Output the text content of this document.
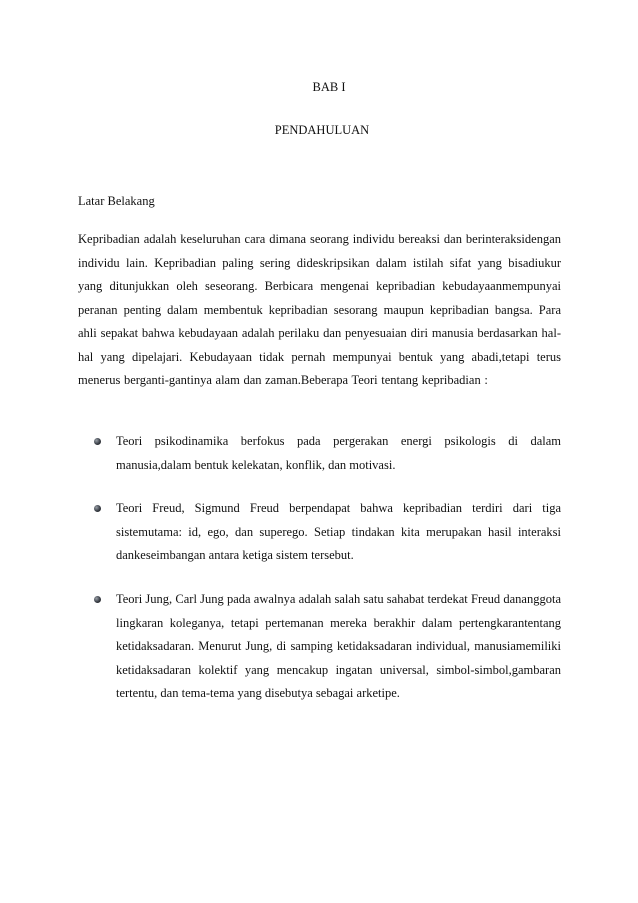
BAB I
PENDAHULUAN
Latar Belakang

Kepribadian adalah keseluruhan cara dimana seorang individu bereaksi dan berinteraksidengan individu lain. Kepribadian paling sering dideskripsikan dalam istilah sifat yang bisadiukur yang ditunjukkan oleh seseorang. Berbicara mengenai kepribadian kebudayaanmempunyai peranan penting dalam membentuk kepribadian sesorang maupun kepribadian bangsa. Para ahli sepakat bahwa kebudayaan adalah perilaku dan penyesuaian diri manusia berdasarkan hal-hal yang dipelajari. Kebudayaan tidak pernah mempunyai bentuk yang abadi,tetapi terus menerus berganti-gantinya alam dan zaman.Beberapa Teori tentang kepribadian :

Teori psikodinamika berfokus pada pergerakan energi psikologis di dalam manusia,dalam bentuk kelekatan, konflik, dan motivasi.
Teori Freud, Sigmund Freud berpendapat bahwa kepribadian terdiri dari tiga sistemutama: id, ego, dan superego. Setiap tindakan kita merupakan hasil interaksi dankeseimbangan antara ketiga sistem tersebut.
Teori Jung, Carl Jung pada awalnya adalah salah satu sahabat terdekat Freud dananggota lingkaran koleganya, tetapi pertemanan mereka berakhir dalam pertengkarantentang ketidaksadaran. Menurut Jung, di samping ketidaksadaran individual, manusiamemiliki ketidaksadaran kolektif yang mencakup ingatan universal, simbol-simbol,gambaran tertentu, dan tema-tema yang disebutya sebagai arketipe.
